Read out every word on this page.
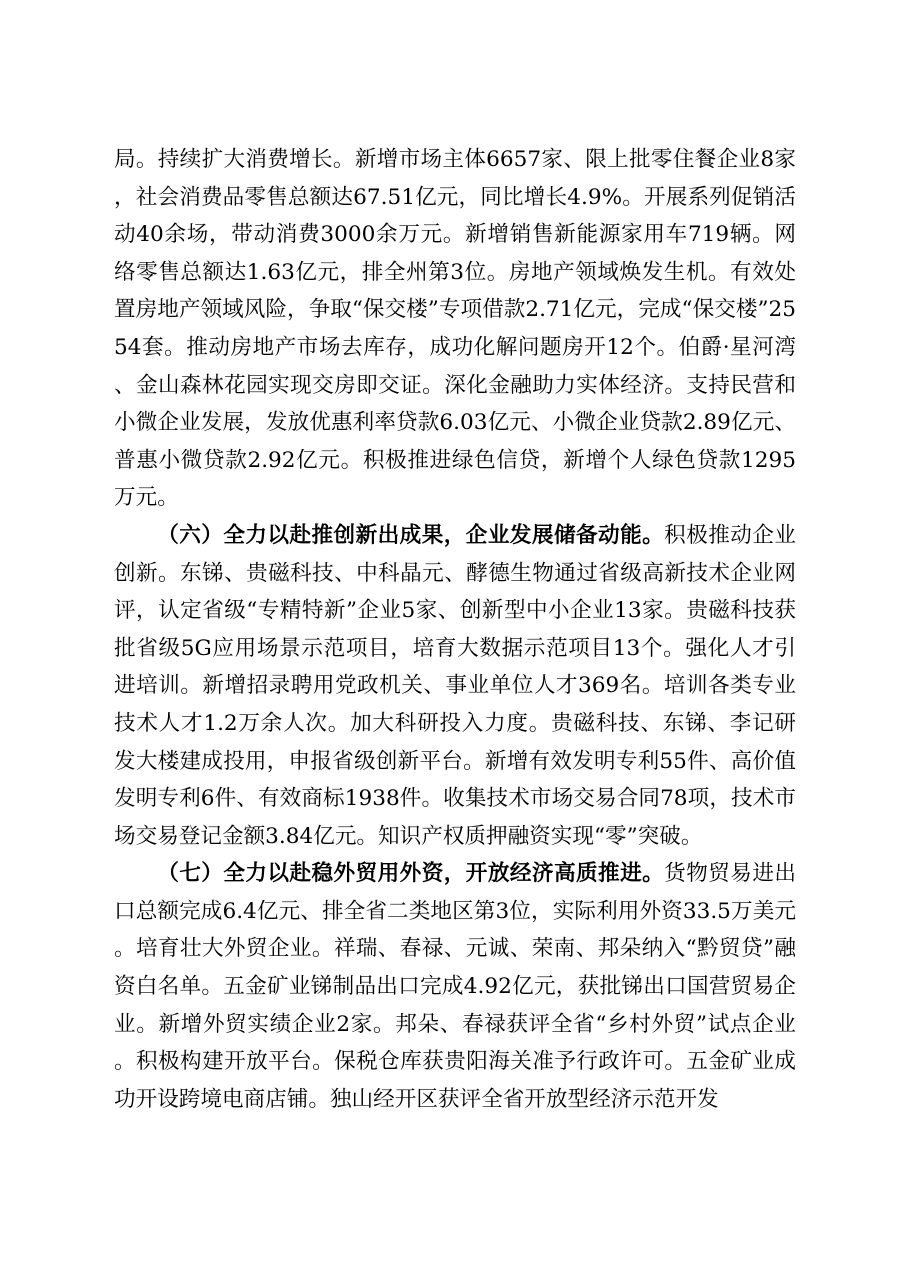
局。持续扩大消费增长。新增市场主体6657家、限上批零住餐企业8家，社会消费品零售总额达67.51亿元，同比增长4.9%。开展系列促销活动40余场，带动消费3000余万元。新增销售新能源家用车719辆。网络零售总额达1.63亿元，排全州第3位。房地产领域焕发生机。有效处置房地产领域风险，争取“保交楼”专项借款2.71亿元，完成“保交楼”2554套。推动房地产市场去库存，成功化解问题房开12个。伯爵·星河湾、金山森林花园实现交房即交证。深化金融助力实体经济。支持民营和小微企业发展，发放优惠利率贷款6.03亿元、小微企业贷款2.89亿元、普惠小微贷款2.92亿元。积极推进绿色信贷，新增个人绿色贷款1295万元。

（六）全力以赴推创新出成果，企业发展储备动能。积极推动企业创新。东锑、贵磁科技、中科晶元、酵德生物通过省级高新技术企业网评，认定省级“专精特新”企业5家、创新型中小企业13家。贵磁科技获批省级5G应用场景示范项目，培育大数据示范项目13个。强化人才引进培训。新增招录聘用党政机关、事业单位人才369名。培训各类专业技术人才1.2万余人次。加大科研投入力度。贵磁科技、东锑、李记研发大楼建成投用，申报省级创新平台。新增有效发明专利55件、高价值发明专利6件、有效商标1938件。收集技术市场交易合同78项，技术市场交易登记金额3.84亿元。知识产权质押融资实现“零”突破。

（七）全力以赴稳外贸用外资，开放经济高质推进。货物贸易进出口总额完成6.4亿元、排全省二类地区第3位，实际利用外资33.5万美元。培育壮大外贸企业。祥瑞、春禄、元诚、荣南、邦朵纳入“黔贸贷”融资白名单。五金矿业锑制品出口完成4.92亿元，获批锑出口国营贸易企业。新增外贸实绩企业2家。邦朵、春禄获评全省“乡村外贸”试点企业。积极构建开放平台。保税仓库获贵阳海关准予行政许可。五金矿业成功开设跨境电商店铺。独山经开区获评全省开放型经济示范开发
